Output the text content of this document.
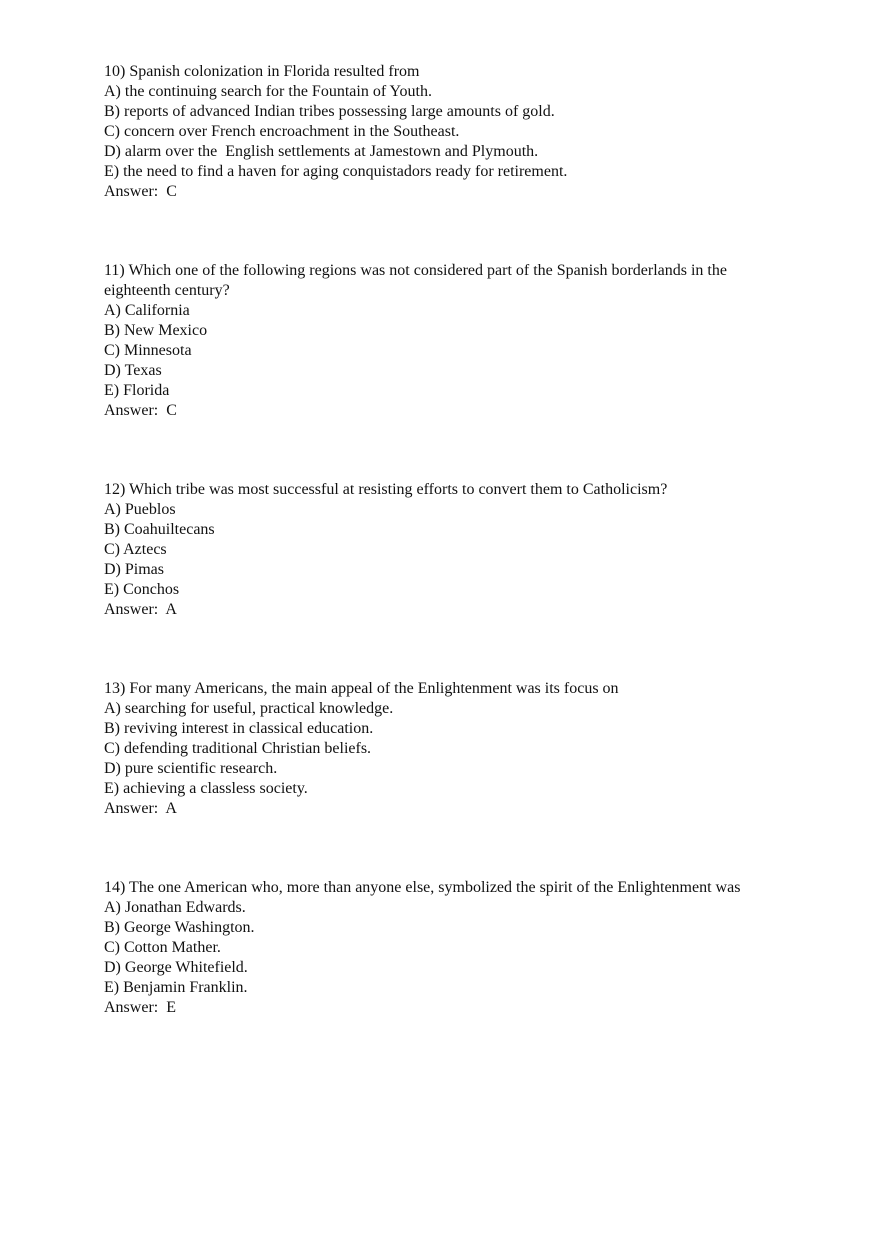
10) Spanish colonization in Florida resulted from
A) the continuing search for the Fountain of Youth.
B) reports of advanced Indian tribes possessing large amounts of gold.
C) concern over French encroachment in the Southeast.
D) alarm over the  English settlements at Jamestown and Plymouth.
E) the need to find a haven for aging conquistadors ready for retirement.
Answer: C
11) Which one of the following regions was not considered part of the Spanish borderlands in the eighteenth century?
A) California
B) New Mexico
C) Minnesota
D) Texas
E) Florida
Answer: C
12) Which tribe was most successful at resisting efforts to convert them to Catholicism?
A) Pueblos
B) Coahuiltecans
C) Aztecs
D) Pimas
E) Conchos
Answer: A
13) For many Americans, the main appeal of the Enlightenment was its focus on
A) searching for useful, practical knowledge.
B) reviving interest in classical education.
C) defending traditional Christian beliefs.
D) pure scientific research.
E) achieving a classless society.
Answer: A
14) The one American who, more than anyone else, symbolized the spirit of the Enlightenment was
A) Jonathan Edwards.
B) George Washington.
C) Cotton Mather.
D) George Whitefield.
E) Benjamin Franklin.
Answer: E
